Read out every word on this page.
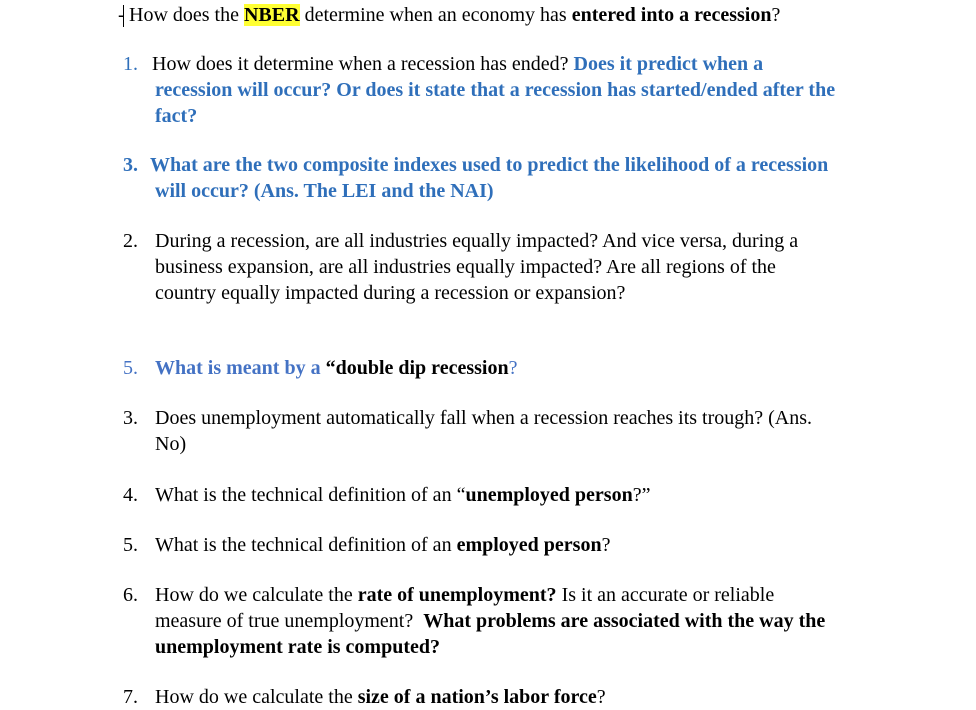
- How does the NBER determine when an economy has entered into a recession?
1. How does it determine when a recession has ended? Does it predict when a
recession will occur? Or does it state that a recession has started/ended after the
fact?
3. What are the two composite indexes used to predict the likelihood of a recession
will occur? (Ans. The LEI and the NAI)
2. During a recession, are all industries equally impacted? And vice versa, during a
business expansion, are all industries equally impacted? Are all regions of the
country equally impacted during a recession or expansion?
5. What is meant by a “double dip recession?
3. Does unemployment automatically fall when a recession reaches its trough? (Ans.
No)
4. What is the technical definition of an “unemployed person?”
5. What is the technical definition of an employed person?
6. How do we calculate the rate of unemployment? Is it an accurate or reliable
measure of true unemployment?  What problems are associated with the way the
unemployment rate is computed?
7. How do we calculate the size of a nation’s labor force?
